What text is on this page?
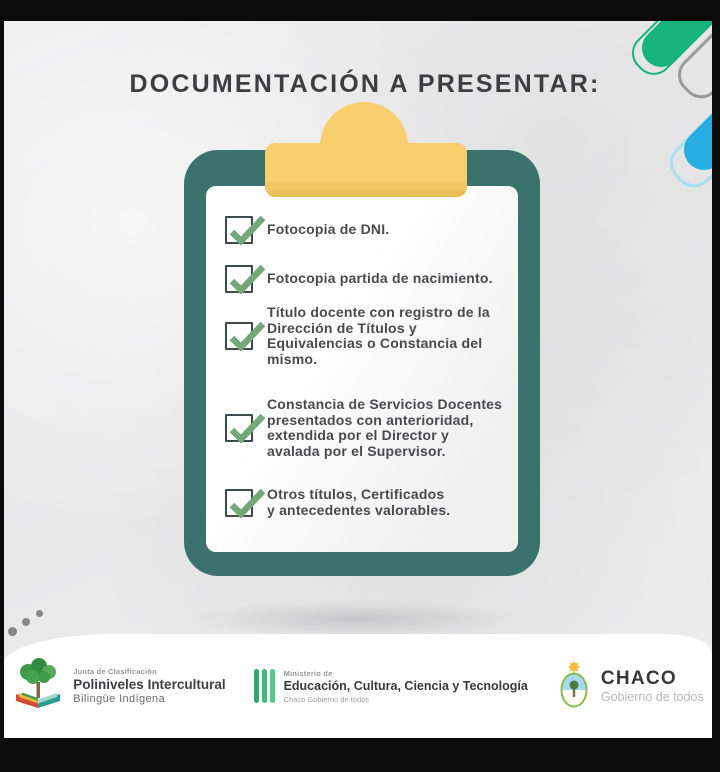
DOCUMENTACIÓN A PRESENTAR:
Fotocopia de DNI.
Fotocopia partida de nacimiento.
Título docente con registro de la
Dirección de Títulos y
Equivalencias o Constancia del
mismo.
Constancia de Servicios Docentes
presentados con anterioridad,
extendida por el Director y
avalada por el Supervisor.
Otros títulos, Certificados
y antecedentes valorables.
Junta de Clasificación
Poliniveles Intercultural
Bilingüe Indígena
Ministerio de
Educación, Cultura, Ciencia y Tecnología
Chaco Gobierno de todos
CHACO
Gobierno de todos
